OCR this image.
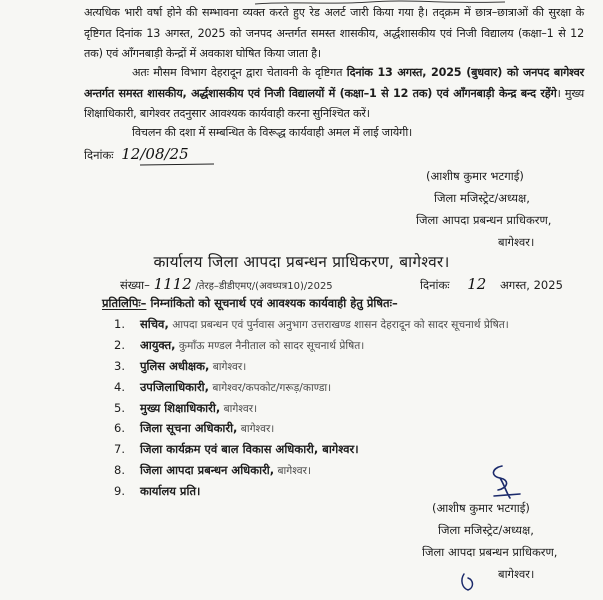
अत्यधिक भारी वर्षा होने की सम्भावना व्यक्त करते हुए रेड अलर्ट जारी किया गया है। तद्क्रम में छात्र–छात्राओं की सुरक्षा के दृष्टिगत दिनांक 13 अगस्त, 2025 को जनपद अन्तर्गत समस्त शासकीय, अर्द्धशासकीय एवं निजी विद्यालय (कक्षा–1 से 12 तक) एवं आँगनबाड़ी केन्द्रों में अवकाश घोषित किया जाता है।
अतः मौसम विभाग देहरादून द्वारा चेतावनी के दृष्टिगत दिनांक 13 अगस्त, 2025 (बुधवार) को जनपद बागेश्वर अन्तर्गत समस्त शासकीय, अर्द्धशासकीय एवं निजी विद्यालयों में (कक्षा–1 से 12 तक) एवं आँगनबाड़ी केन्द्र बन्द रहेंगे। मुख्य शिक्षाधिकारी, बागेश्वर तदनुसार आवश्यक कार्यवाही करना सुनिश्चित करें।
विचलन की दशा में सम्बन्धित के विरूद्ध कार्यवाही अमल में लाई जायेगी।
दिनांकः 12/08/25
(आशीष कुमार भटगाई)
जिला मजिस्ट्रेट/अध्यक्ष,
जिला आपदा प्रबन्धन प्राधिकरण,
बागेश्वर।
कार्यालय जिला आपदा प्रबन्धन प्राधिकरण, बागेश्वर।
संख्या– 1112 /तेरह–डीडीएमए/(अवध्पत्र10)/2025	दिनांकः 12 अगस्त, 2025
प्रतिलिपिः– निम्नांकितो को सूचनार्थ एवं आवश्यक कार्यवाही हेतु प्रेषितः–
1. सचिव, आपदा प्रबन्धन एवं पुर्नवास अनुभाग उत्तराखण्ड शासन देहरादून को सादर सूचनार्थ प्रेषित।
2. आयुक्त, कुमाँऊ मण्डल नैनीताल को सादर सूचनार्थ प्रेषित।
3. पुलिस अधीक्षक, बागेश्वर।
4. उपजिलाधिकारी, बागेश्वर/कपकोट/गरूड़/काण्डा।
5. मुख्य शिक्षाधिकारी, बागेश्वर।
6. जिला सूचना अधिकारी, बागेश्वर।
7. जिला कार्यक्रम एवं बाल विकास अधिकारी, बागेश्वर।
8. जिला आपदा प्रबन्धन अधिकारी, बागेश्वर।
9. कार्यालय प्रति।
(आशीष कुमार भटगाई)
जिला मजिस्ट्रेट/अध्यक्ष,
जिला आपदा प्रबन्धन प्राधिकरण,
बागेश्वर।
